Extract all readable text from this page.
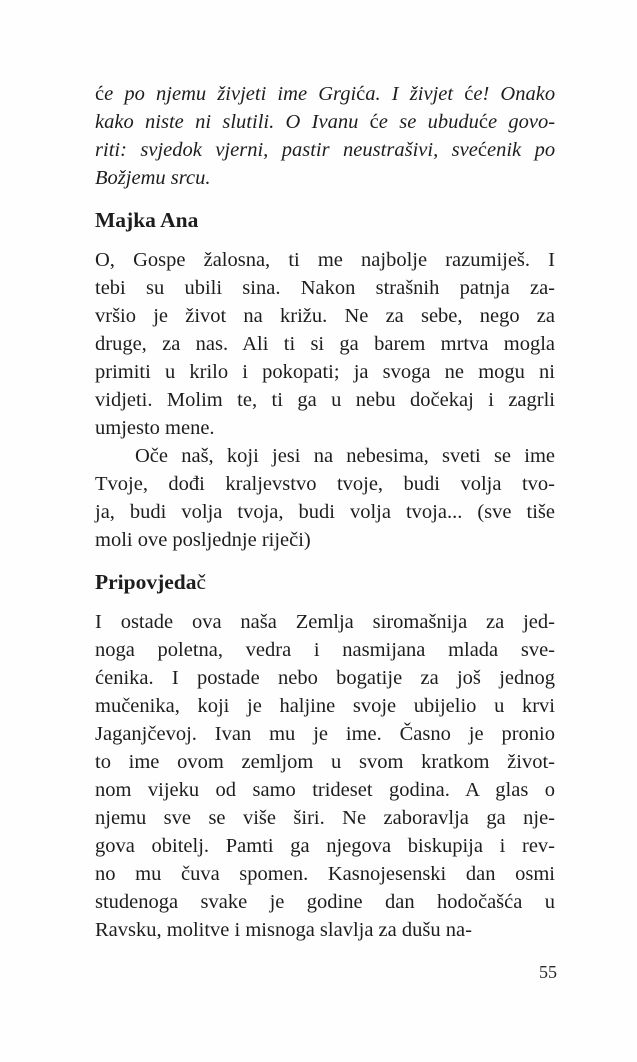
će po njemu živjeti ime Grgića. I živjet će! Onako
kako niste ni slutili. O Ivanu će se ubuduće govo-
riti: svjedok vjerni, pastir neustrašivi, svećenik po
Božjemu srcu.
Majka Ana
O, Gospe žalosna, ti me najbolje razumiješ. I
tebi su ubili sina. Nakon strašnih patnja za-
vršio je život na križu. Ne za sebe, nego za
druge, za nas. Ali ti si ga barem mrtva mogla
primiti u krilo i pokopati; ja svoga ne mogu ni
vidjeti. Molim te, ti ga u nebu dočekaj i zagrli
umjesto mene.
Oče naš, koji jesi na nebesima, sveti se ime
Tvoje, dođi kraljevstvo tvoje, budi volja tvo-
ja, budi volja tvoja, budi volja tvoja... (sve tiše
moli ove posljednje riječi)
Pripovjedač
I ostade ova naša Zemlja siromašnija za jed-
noga poletna, vedra i nasmijana mlada sve-
ćenika. I postade nebo bogatije za još jednog
mučenika, koji je haljine svoje ubijelio u krvi
Jaganjčevoj. Ivan mu je ime. Časno je pronio
to ime ovom zemljom u svom kratkom život-
nom vijeku od samo trideset godina. A glas o
njemu sve se više širi. Ne zaboravlja ga nje-
gova obitelj. Pamti ga njegova biskupija i rev-
no mu čuva spomen. Kasnojesenski dan osmi
studenoga svake je godine dan hodočašća u
Ravsku, molitve i misnoga slavlja za dušu na-
55
